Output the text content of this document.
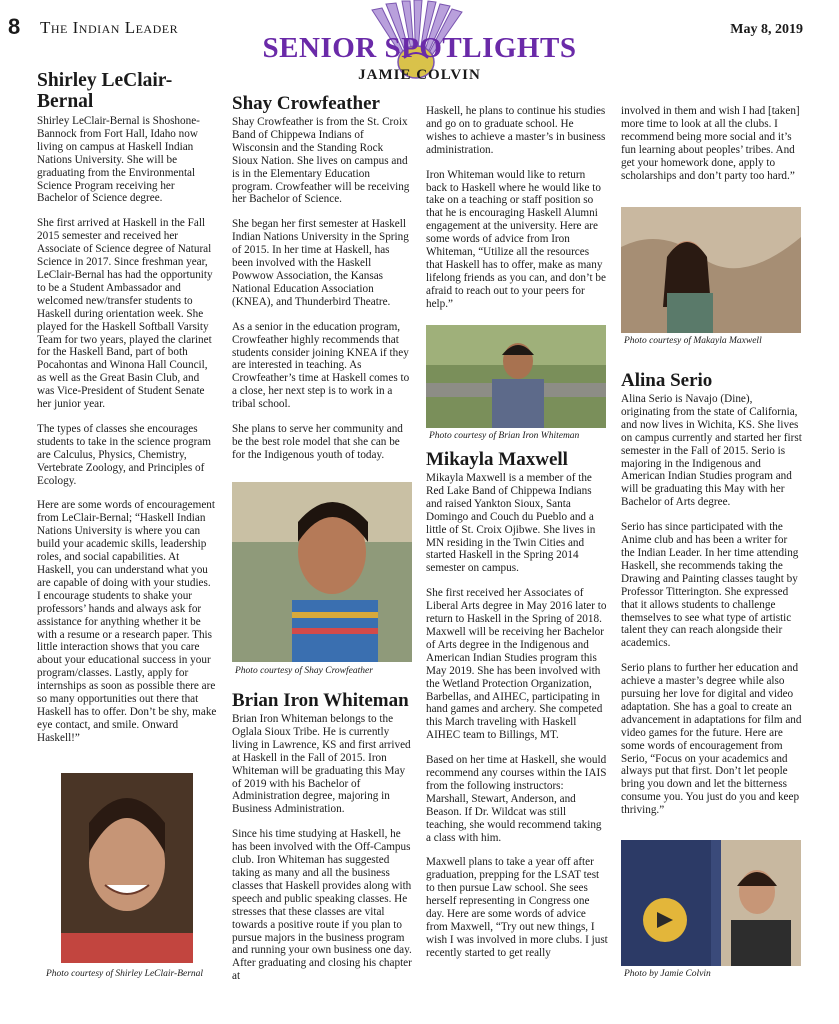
8 The Indian Leader	May 8, 2019
SENIOR SPOTLIGHTS
JAMIE COLVIN
Shirley LeClair-Bernal

Shirley LeClair-Bernal is Shoshone-Bannock from Fort Hall, Idaho now living on campus at Haskell Indian Nations University. She will be graduating from the Environmental Science Program receiving her Bachelor of Science degree.

She first arrived at Haskell in the Fall 2015 semester and received her Associate of Science degree of Natural Science in 2017. Since freshman year, LeClair-Bernal has had the opportunity to be a Student Ambassador and welcomed new/transfer students to Haskell during orientation week. She played for the Haskell Softball Varsity Team for two years, played the clarinet for the Haskell Band, part of both Pocahontas and Winona Hall Council, as well as the Great Basin Club, and was Vice-President of Student Senate her junior year.

The types of classes she encourages students to take in the science program are Calculus, Physics, Chemistry, Vertebrate Zoology, and Principles of Ecology.

Here are some words of encouragement from LeClair-Bernal; “Haskell Indian Nations University is where you can build your academic skills, leadership roles, and social capabilities. At Haskell, you can understand what you are capable of doing with your studies. I encourage students to shake your professors’ hands and always ask for assistance for anything whether it be with a resume or a research paper. This little interaction shows that you care about your educational success in your program/classes. Lastly, apply for internships as soon as possible there are so many opportunities out there that Haskell has to offer. Don’t be shy, make eye contact, and smile. Onward Haskell!”

Photo courtesy of Shirley LeClair-Bernal
Shay Crowfeather

Shay Crowfeather is from the St. Croix Band of Chippewa Indians of Wisconsin and the Standing Rock Sioux Nation. She lives on campus and is in the Elementary Education program. Crowfeather will be receiving her Bachelor of Science.

She began her first semester at Haskell Indian Nations University in the Spring of 2015. In her time at Haskell, has been involved with the Haskell Powwow Association, the Kansas National Education Association (KNEA), and Thunderbird Theatre.

As a senior in the education program, Crowfeather highly recommends that students consider joining KNEA if they are interested in teaching. As Crowfeather’s time at Haskell comes to a close, her next step is to work in a tribal school.

She plans to serve her community and be the best role model that she can be for the Indigenous youth of today.

Photo courtesy of Shay Crowfeather
Brian Iron Whiteman

Brian Iron Whiteman belongs to the Oglala Sioux Tribe. He is currently living in Lawrence, KS and first arrived at Haskell in the Fall of 2015. Iron Whiteman will be graduating this May of 2019 with his Bachelor of Administration degree, majoring in Business Administration.

Since his time studying at Haskell, he has been involved with the Off-Campus club. Iron Whiteman has suggested taking as many and all the business classes that Haskell provides along with speech and public speaking classes. He stresses that these classes are vital towards a positive route if you plan to pursue majors in the business program and running your own business one day. After graduating and closing his chapter at

Haskell, he plans to continue his studies and go on to graduate school. He wishes to achieve a master’s in business administration.

Iron Whiteman would like to return back to Haskell where he would like to take on a teaching or staff position so that he is encouraging Haskell Alumni engagement at the university. Here are some words of advice from Iron Whiteman, “Utilize all the resources that Haskell has to offer, make as many lifelong friends as you can, and don’t be afraid to reach out to your peers for help.”

Photo courtesy of Brian Iron Whiteman
Mikayla Maxwell

Mikayla Maxwell is a member of the Red Lake Band of Chippewa Indians and raised Yankton Sioux, Santa Domingo and Couch du Pueblo and a little of St. Croix Ojibwe. She lives in MN residing in the Twin Cities and started Haskell in the Spring 2014 semester on campus.

She first received her Associates of Liberal Arts degree in May 2016 later to return to Haskell in the Spring of 2018. Maxwell will be receiving her Bachelor of Arts degree in the Indigenous and American Indian Studies program this May 2019. She has been involved with the Wetland Protection Organization, Barbellas, and AIHEC, participating in hand games and archery. She competed this March traveling with Haskell AIHEC team to Billings, MT.

Based on her time at Haskell, she would recommend any courses within the IAIS from the following instructors: Marshall, Stewart, Anderson, and Beason. If Dr. Wildcat was still teaching, she would recommend taking a class with him.

Maxwell plans to take a year off after graduation, prepping for the LSAT test to then pursue Law school. She sees herself representing in Congress one day. Here are some words of advice from Maxwell, “Try out new things, I wish I was involved in more clubs. I just recently started to get really

involved in them and wish I had [taken] more time to look at all the clubs. I recommend being more social and it’s fun learning about peoples’ tribes. And get your homework done, apply to scholarships and don’t party too hard.”

Photo courtesy of Makayla Maxwell
Alina Serio

Alina Serio is Navajo (Dine), originating from the state of California, and now lives in Wichita, KS. She lives on campus currently and started her first semester in the Fall of 2015. Serio is majoring in the Indigenous and American Indian Studies program and will be graduating this May with her Bachelor of Arts degree.

Serio has since participated with the Anime club and has been a writer for the Indian Leader. In her time attending Haskell, she recommends taking the Drawing and Painting classes taught by Professor Titterington. She expressed that it allows students to challenge themselves to see what type of artistic talent they can reach alongside their academics.

Serio plans to further her education and achieve a master’s degree while also pursuing her love for digital and video adaptation. She has a goal to create an advancement in adaptations for film and video games for the future. Here are some words of encouragement from Serio, “Focus on your academics and always put that first. Don’t let people bring you down and let the bitterness consume you. You just do you and keep thriving.”

Photo by Jamie Colvin
